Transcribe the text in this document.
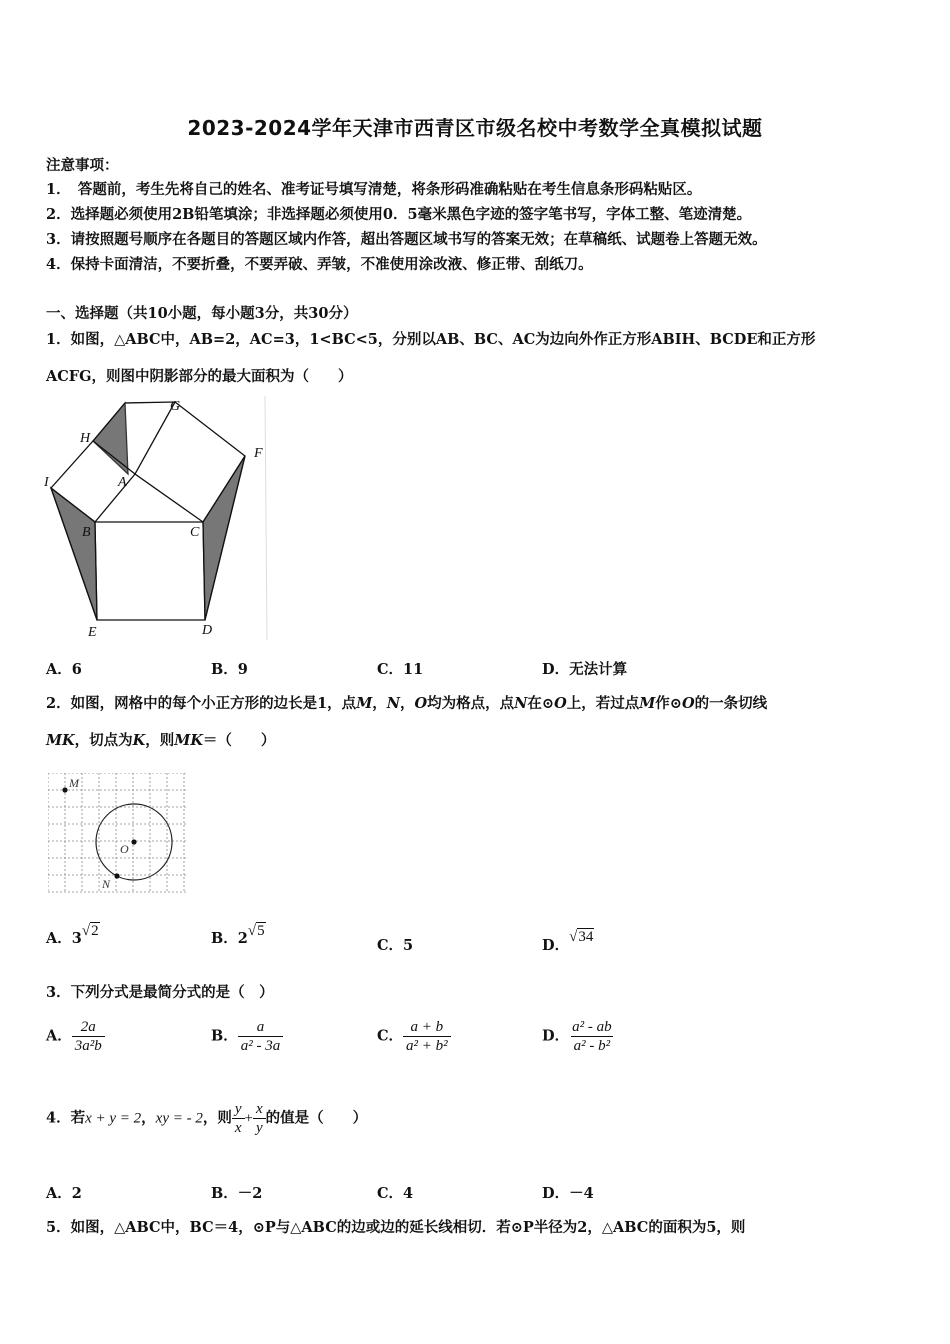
2023-2024学年天津市西青区市级名校中考数学全真模拟试题
注意事项：
1．　答题前，考生先将自己的姓名、准考证号填写清楚，将条形码准确粘贴在考生信息条形码粘贴区。
2．选择题必须使用2B铅笔填涂；非选择题必须使用0．5毫米黑色字迹的签字笔书写，字体工整、笔迹清楚。
3．请按照题号顺序在各题目的答题区域内作答，超出答题区域书写的答案无效；在草稿纸、试题卷上答题无效。
4．保持卡面清洁，不要折叠，不要弄破、弄皱，不准使用涂改液、修正带、刮纸刀。
一、选择题（共10小题，每小题3分，共30分）
1．如图，△ABC中，AB=2，AC=3，1<BC<5，分别以AB、BC、AC为边向外作正方形ABIH、BCDE和正方形
ACFG，则图中阴影部分的最大面积为（　　）
G
H
F
I	A
B	C
E	D
A．6	B．9	C．11	D．无法计算
2．如图，网格中的每个小正方形的边长是1，点M，N，O均为格点，点N在⊙O上，若过点M作⊙O的一条切线
MK，切点为K，则MK＝（　　）
M
O
N
A．3√2	B．2√5
C．5	D．√34
3．下列分式是最简分式的是（　）
A． $\frac{2a}{\text{3a²b}}$	B． $\frac{a}{\text{a² - 3a}}$	C． $\frac{a + b}{\text{a² + b²}}$	D． $\frac{\text{a² - ab}}{\text{a² - b²}}$
4．若x + y = 2，xy = - 2，则 $\frac{y}{x} + \frac{x}{y}$ 的值是（　　）
A．2	B．－2	C．4	D．－4
5．如图，△ABC中，BC＝4，⊙P与△ABC的边或边的延长线相切．若⊙P半径为2，△ABC的面积为5，则
